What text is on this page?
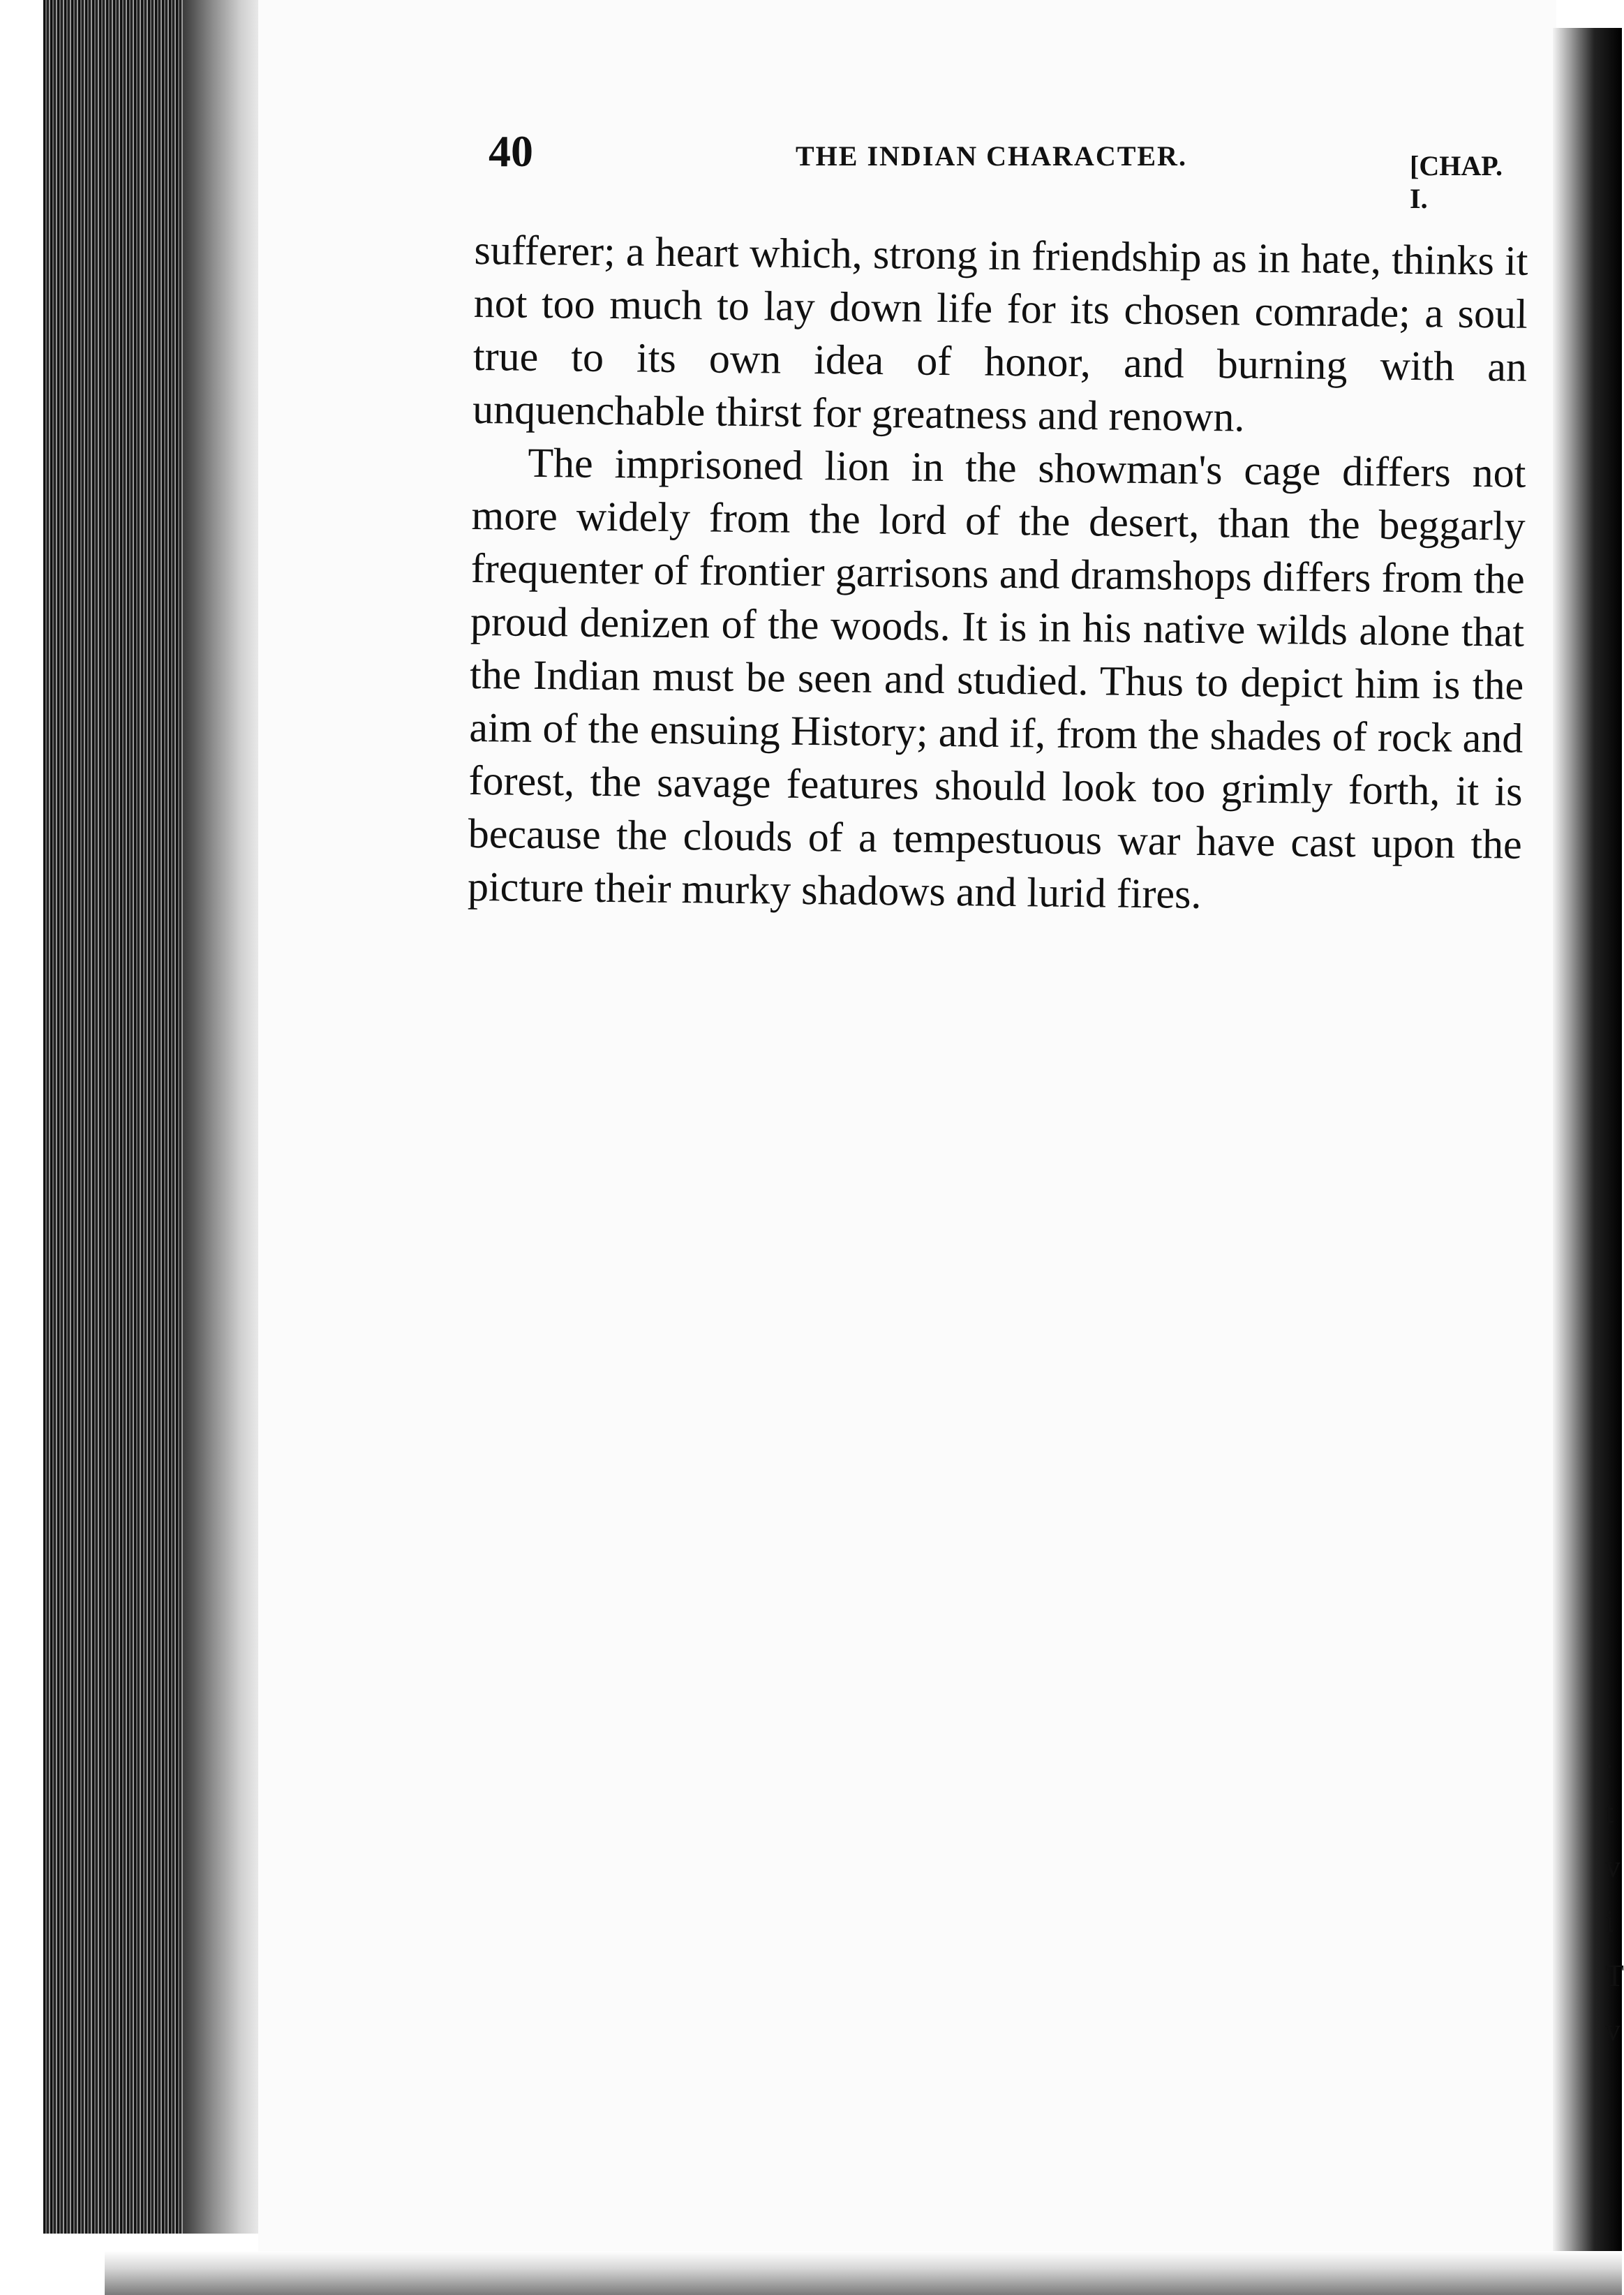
.
t
v
i
T
v
40	THE INDIAN CHARACTER.	[CHAP. I.

sufferer; a heart which, strong in friendship as in hate, thinks it not too much to lay down life for its chosen comrade; a soul true to its own idea of honor, and burning with an unquenchable thirst for greatness and renown.

The imprisoned lion in the showman's cage differs not more widely from the lord of the desert, than the beggarly frequenter of frontier garrisons and dramshops differs from the proud denizen of the woods. It is in his native wilds alone that the Indian must be seen and studied. Thus to depict him is the aim of the ensuing History; and if, from the shades of rock and forest, the savage features should look too grimly forth, it is because the clouds of a tempestuous war have cast upon the picture their murky shadows and lurid fires.
